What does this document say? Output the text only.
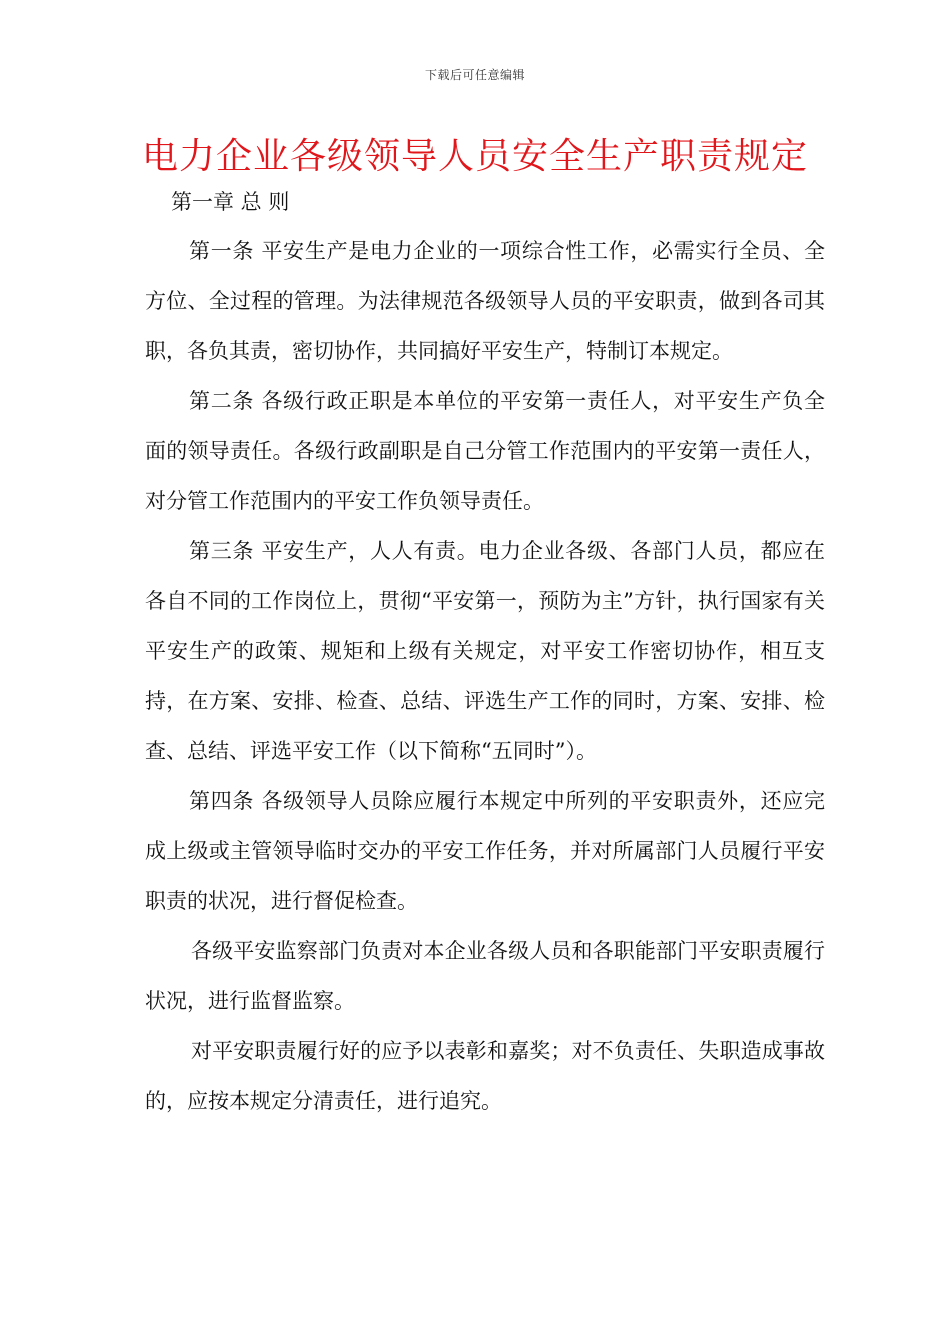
下载后可任意编辑
电力企业各级领导人员安全生产职责规定
第一章 总 则

第一条 平安生产是电力企业的一项综合性工作，必需实行全员、全方位、全过程的管理。为法律规范各级领导人员的平安职责，做到各司其职，各负其责，密切协作，共同搞好平安生产，特制订本规定。

第二条 各级行政正职是本单位的平安第一责任人，对平安生产负全面的领导责任。各级行政副职是自己分管工作范围内的平安第一责任人，对分管工作范围内的平安工作负领导责任。

第三条 平安生产，人人有责。电力企业各级、各部门人员，都应在各自不同的工作岗位上，贯彻“平安第一，预防为主”方针，执行国家有关平安生产的政策、规矩和上级有关规定，对平安工作密切协作，相互支持，在方案、安排、检查、总结、评选生产工作的同时，方案、安排、检查、总结、评选平安工作（以下简称“五同时”）。

第四条 各级领导人员除应履行本规定中所列的平安职责外，还应完成上级或主管领导临时交办的平安工作任务，并对所属部门人员履行平安职责的状况，进行督促检查。

各级平安监察部门负责对本企业各级人员和各职能部门平安职责履行状况，进行监督监察。

对平安职责履行好的应予以表彰和嘉奖；对不负责任、失职造成事故的，应按本规定分清责任，进行追究。
